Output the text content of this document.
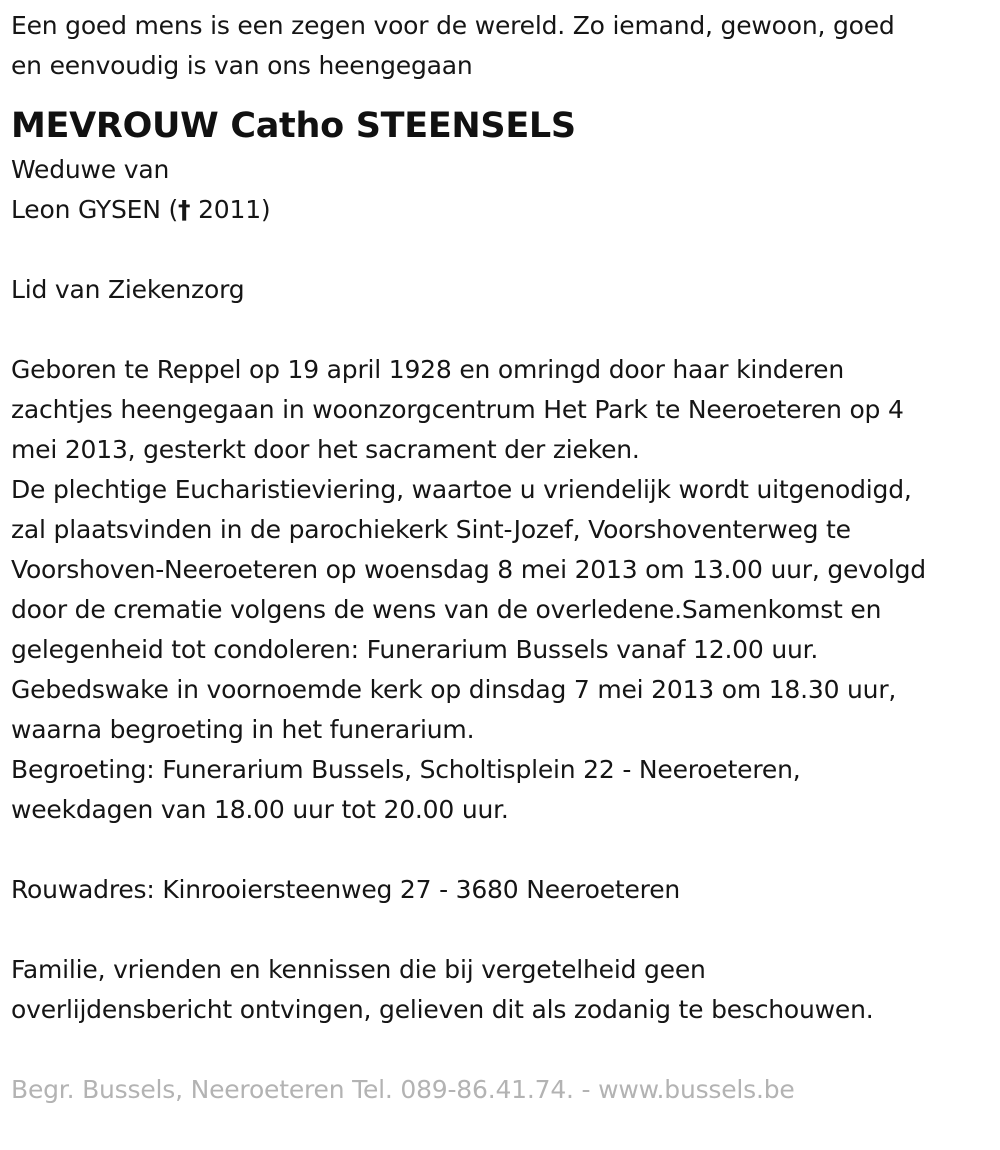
Een goed mens is een zegen voor de wereld. Zo iemand, gewoon, goed
en eenvoudig is van ons heengegaan
MEVROUW Catho STEENSELS
Weduwe van
Leon GYSEN († 2011)
Lid van Ziekenzorg
Geboren te Reppel op 19 april 1928 en omringd door haar kinderen
zachtjes heengegaan in woonzorgcentrum Het Park te Neeroeteren op 4
mei 2013, gesterkt door het sacrament der zieken.
De plechtige Eucharistieviering, waartoe u vriendelijk wordt uitgenodigd,
zal plaatsvinden in de parochiekerk Sint-Jozef, Voorshoventerweg te
Voorshoven-Neeroeteren op woensdag 8 mei 2013 om 13.00 uur, gevolgd
door de crematie volgens de wens van de overledene.Samenkomst en
gelegenheid tot condoleren: Funerarium Bussels vanaf 12.00 uur.
Gebedswake in voornoemde kerk op dinsdag 7 mei 2013 om 18.30 uur,
waarna begroeting in het funerarium.
Begroeting: Funerarium Bussels, Scholtisplein 22 - Neeroeteren,
weekdagen van 18.00 uur tot 20.00 uur.
Rouwadres: Kinrooiersteenweg 27 - 3680 Neeroeteren
Familie, vrienden en kennissen die bij vergetelheid geen
overlijdensbericht ontvingen, gelieven dit als zodanig te beschouwen.
Begr. Bussels, Neeroeteren Tel. 089-86.41.74. - www.bussels.be
